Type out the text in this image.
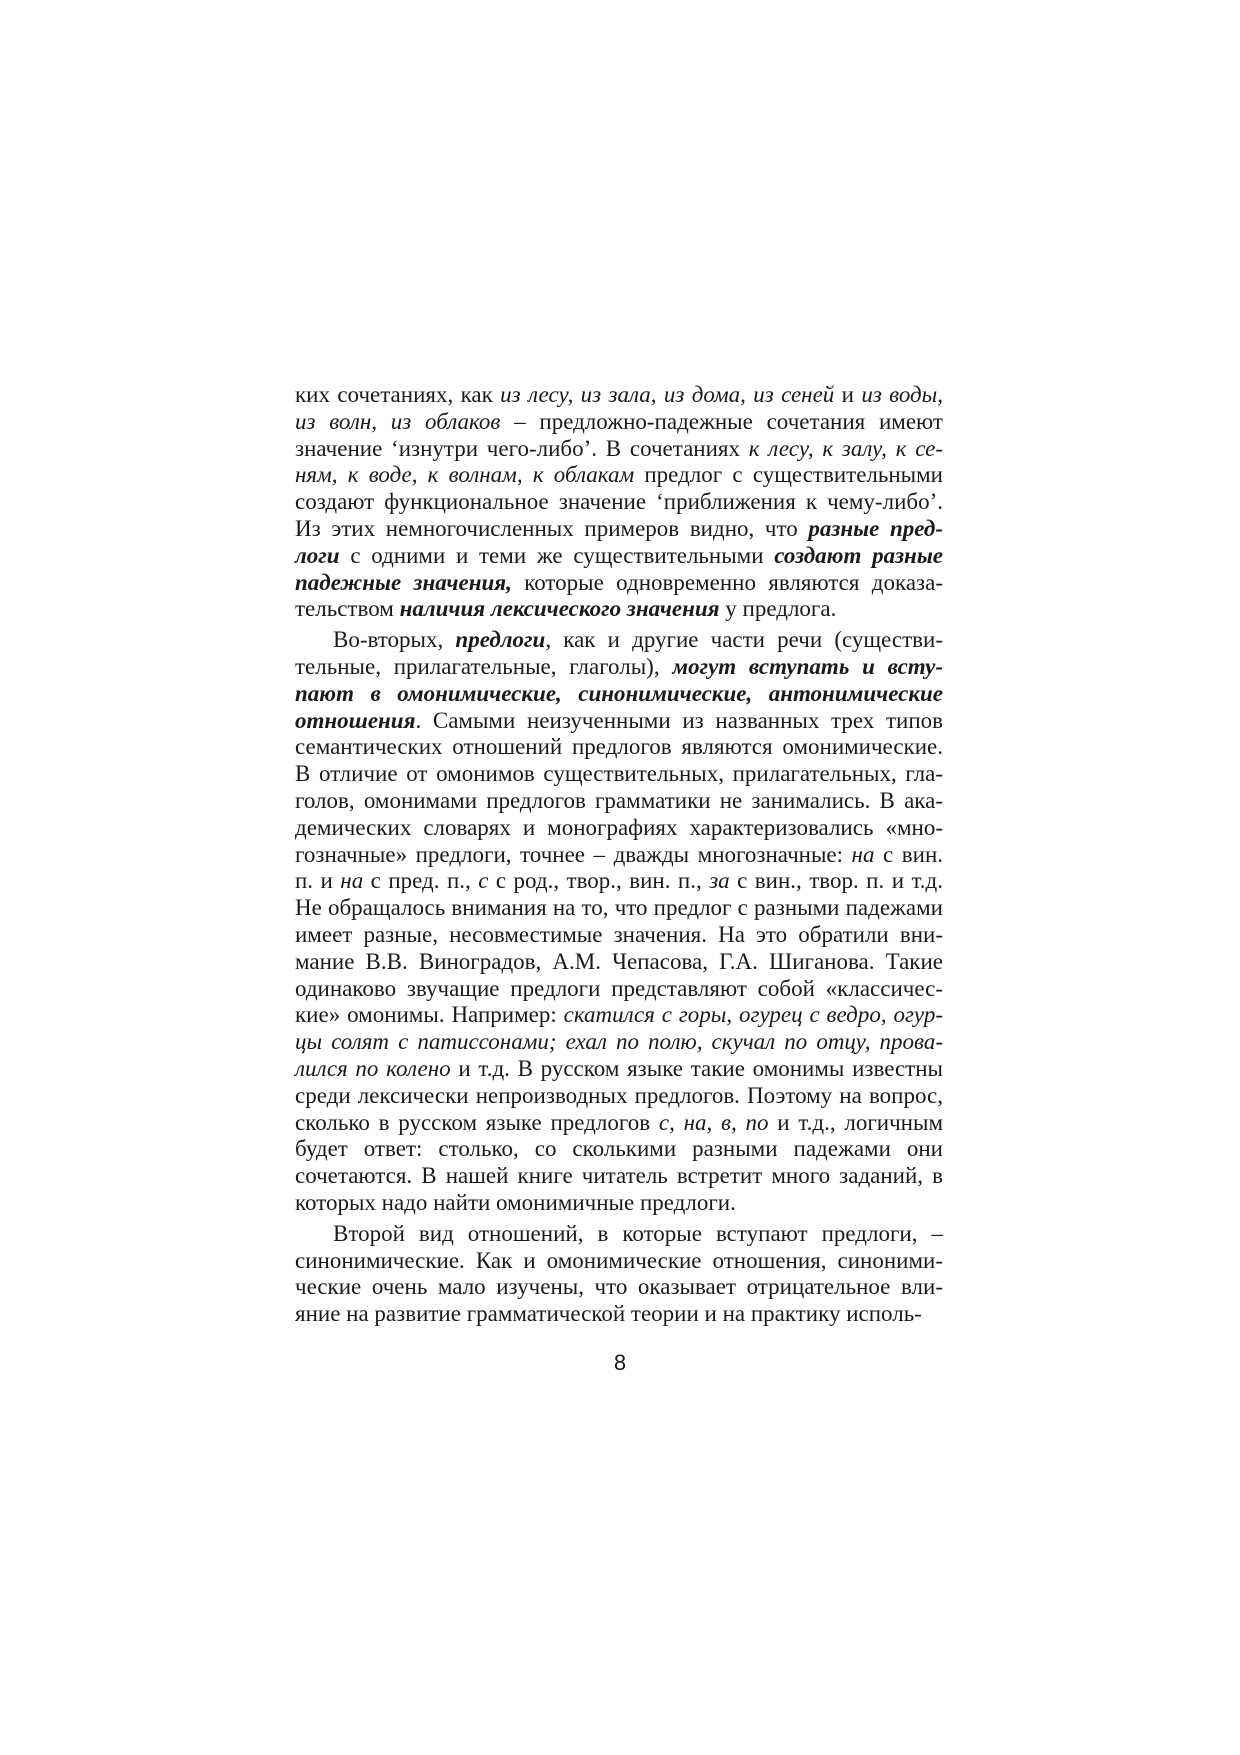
ких сочетаниях, как из лесу, из зала, из дома, из сеней и из воды, из волн, из облаков – предложно-падежные сочетания имеют значение ‘изнутри чего-либо’. В сочетаниях к лесу, к залу, к сеням, к воде, к волнам, к облакам предлог с существительными создают функциональное значение ‘приближения к чему-либо’. Из этих немногочисленных примеров видно, что разные предлоги с одними и теми же существительными создают разные падежные значения, которые одновременно являются доказательством наличия лексического значения у предлога.

Во-вторых, предлоги, как и другие части речи (существительные, прилагательные, глаголы), могут вступать и вступают в омонимические, синонимические, антонимические отношения. Самыми неизученными из названных трех типов семантических отношений предлогов являются омонимические. В отличие от омонимов существительных, прилагательных, глаголов, омонимами предлогов грамматики не занимались. В академических словарях и монографиях характеризовались «многозначные» предлоги, точнее – дважды многозначные: на с вин. п. и на с пред. п., с с род., твор., вин. п., за с вин., твор. п. и т.д. Не обращалось внимания на то, что предлог с разными падежами имеет разные, несовместимые значения. На это обратили внимание В.В. Виноградов, А.М. Чепасова, Г.А. Шиганова. Такие одинаково звучащие предлоги представляют собой «классические» омонимы. Например: скатился с горы, огурец с ведро, огурцы солят с патиссонами; ехал по полю, скучал по отцу, провалился по колено и т.д. В русском языке такие омонимы известны среди лексически непроизводных предлогов. Поэтому на вопрос, сколько в русском языке предлогов с, на, в, по и т.д., логичным будет ответ: столько, со сколькими разными падежами они сочетаются. В нашей книге читатель встретит много заданий, в которых надо найти омонимичные предлоги.

Второй вид отношений, в которые вступают предлоги, – синонимические. Как и омонимические отношения, синонимические очень мало изучены, что оказывает отрицательное влияние на развитие грамматической теории и на практику исполь-

8
